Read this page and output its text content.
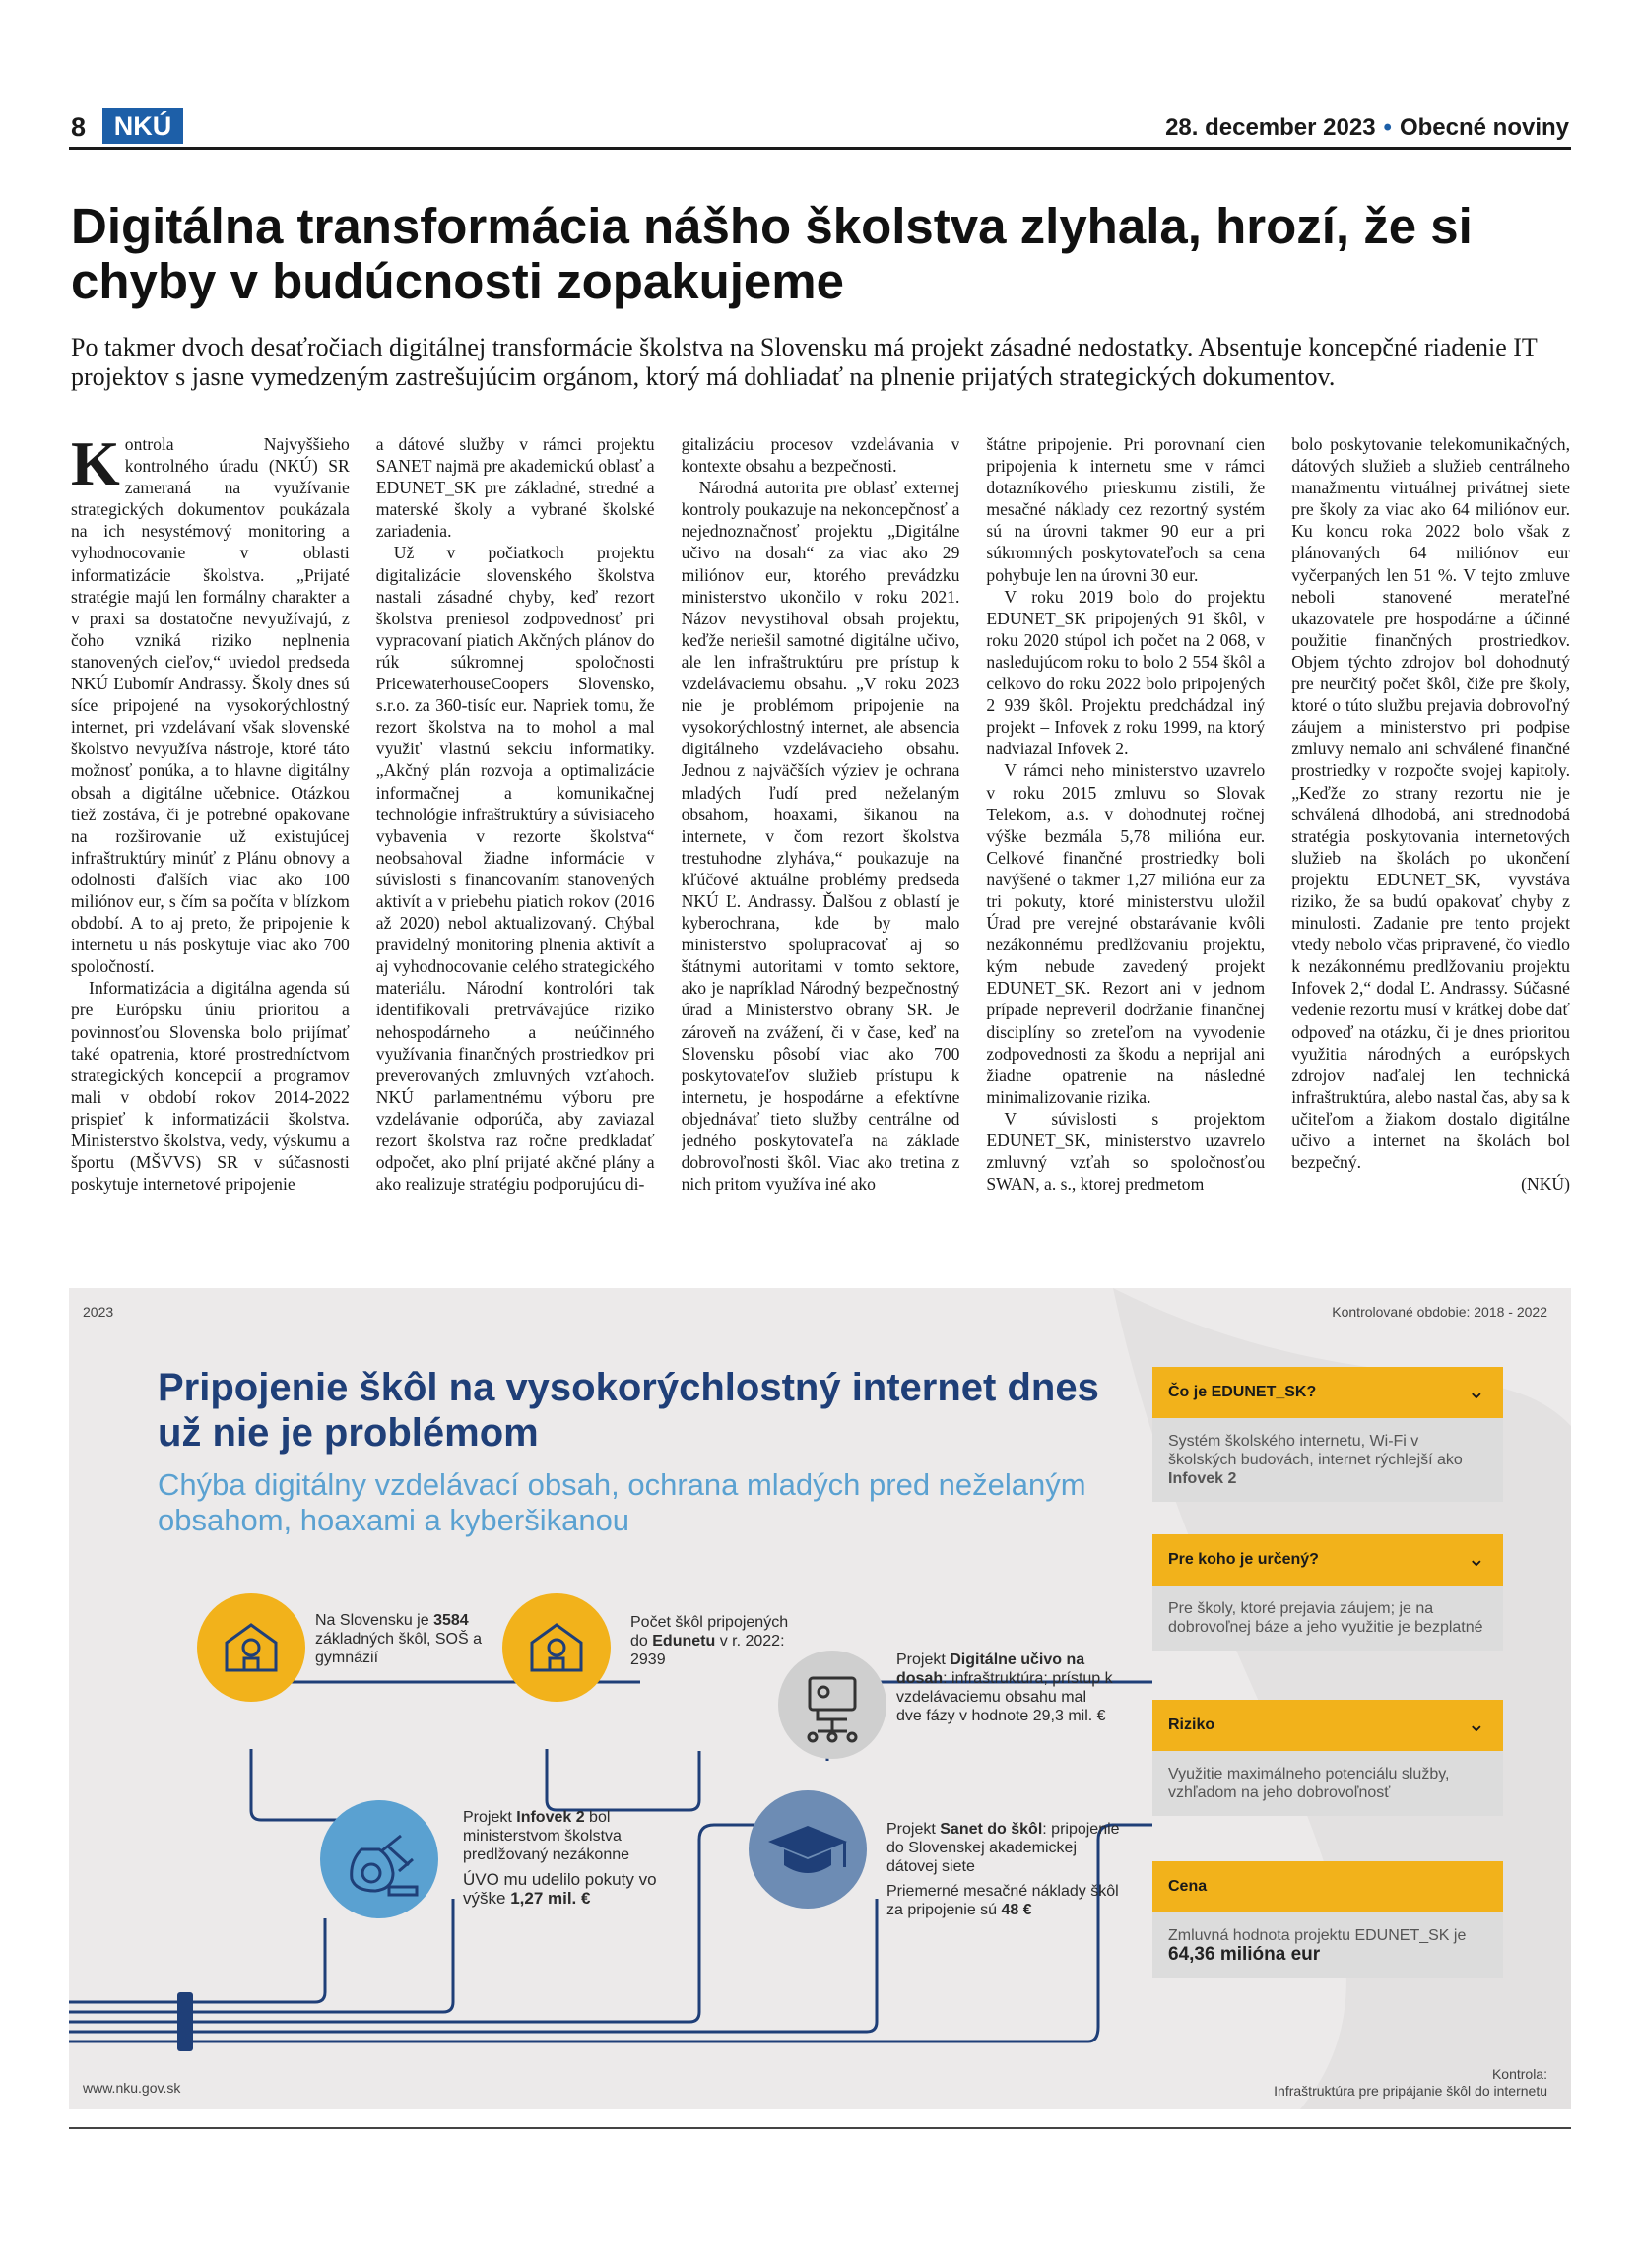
8	NKÚ	28. december 2023 • Obecné noviny
Digitálna transformácia nášho školstva zlyhala, hrozí, že si chyby v budúcnosti zopakujeme

Po takmer dvoch desaťročiach digitálnej transformácie školstva na Slovensku má projekt zásadné nedostatky. Absentuje koncepčné riadenie IT projektov s jasne vymedzeným zastrešujúcim orgánom, ktorý má dohliadať na plnenie prijatých strategických dokumentov.

Kontrola Najvyššieho kontrolného úradu (NKÚ) SR zameraná na využívanie strategických dokumentov poukázala na ich nesystémový monitoring a vyhodnocovanie v oblasti informatizácie školstva. „Prijaté stratégie majú len formálny charakter a v praxi sa dostatočne nevyužívajú, z čoho vzniká riziko neplnenia stanovených cieľov,“ uviedol predseda NKÚ Ľubomír Andrassy. Školy dnes sú síce pripojené na vysokorýchlostný internet, pri vzdelávaní však slovenské školstvo nevyužíva nástroje, ktoré táto možnosť ponúka, a to hlavne digitálny obsah a digitálne učebnice. Otázkou tiež zostáva, či je potrebné opakovane na rozširovanie už existujúcej infraštruktúry minúť z Plánu obnovy a odolnosti ďalších viac ako 100 miliónov eur, s čím sa počíta v blízkom období. A to aj preto, že pripojenie k internetu u nás poskytuje viac ako 700 spoločností.

Informatizácia a digitálna agenda sú pre Európsku úniu prioritou a povinnosťou Slovenska bolo prijímať také opatrenia, ktoré prostredníctvom strategických koncepcií a programov mali v období rokov 2014-2022 prispieť k informatizácii školstva. Ministerstvo školstva, vedy, výskumu a športu (MŠVVS) SR v súčasnosti poskytuje internetové pripojenie

a dátové služby v rámci projektu SANET najmä pre akademickú oblasť a EDUNET_SK pre základné, stredné a materské školy a vybrané školské zariadenia.

Už v počiatkoch projektu digitalizácie slovenského školstva nastali zásadné chyby, keď rezort školstva preniesol zodpovednosť pri vypracovaní piatich Akčných plánov do rúk súkromnej spoločnosti PricewaterhouseCoopers Slovensko, s.r.o. za 360-tisíc eur. Napriek tomu, že rezort školstva na to mohol a mal využiť vlastnú sekciu informatiky. „Akčný plán rozvoja a optimalizácie informačnej a komunikačnej technológie infraštruktúry a súvisiaceho vybavenia v rezorte školstva“ neobsahoval žiadne informácie v súvislosti s financovaním stanovených aktivít a v priebehu piatich rokov (2016 až 2020) nebol aktualizovaný. Chýbal pravidelný monitoring plnenia aktivít a aj vyhodnocovanie celého strategického materiálu. Národní kontrolóri tak identifikovali pretrvávajúce riziko nehospodárneho a neúčinného využívania finančných prostriedkov pri preverovaných zmluvných vzťahoch. NKÚ parlamentnému výboru pre vzdelávanie odporúča, aby zaviazal rezort školstva raz ročne predkladať odpočet, ako plní prijaté akčné plány a ako realizuje stratégiu podporujúcu di-

gitalizáciu procesov vzdelávania v kontexte obsahu a bezpečnosti.

Národná autorita pre oblasť externej kontroly poukazuje na nekoncepčnosť a nejednoznačnosť projektu „Digitálne učivo na dosah“ za viac ako 29 miliónov eur, ktorého prevádzku ministerstvo ukončilo v roku 2021. Názov nevystihoval obsah projektu, keďže neriešil samotné digitálne učivo, ale len infraštruktúru pre prístup k vzdelávaciemu obsahu. „V roku 2023 nie je problémom pripojenie na vysokorýchlostný internet, ale absencia digitálneho vzdelávacieho obsahu. Jednou z najväčších výziev je ochrana mladých ľudí pred neželaným obsahom, hoaxami, šikanou na internete, v čom rezort školstva trestuhodne zlyháva,“ poukazuje na kľúčové aktuálne problémy predseda NKÚ Ľ. Andrassy. Ďalšou z oblastí je kyberochrana, kde by malo ministerstvo spolupracovať aj so štátnymi autoritami v tomto sektore, ako je napríklad Národný bezpečnostný úrad a Ministerstvo obrany SR. Je zároveň na zvážení, či v čase, keď na Slovensku pôsobí viac ako 700 poskytovateľov služieb prístupu k internetu, je hospodárne a efektívne objednávať tieto služby centrálne od jedného poskytovateľa na základe dobrovoľnosti škôl. Viac ako tretina z nich pritom využíva iné ako

štátne pripojenie. Pri porovnaní cien pripojenia k internetu sme v rámci dotazníkového prieskumu zistili, že mesačné náklady cez rezortný systém sú na úrovni takmer 90 eur a pri súkromných poskytovateľoch sa cena pohybuje len na úrovni 30 eur.

V roku 2019 bolo do projektu EDUNET_SK pripojených 91 škôl, v roku 2020 stúpol ich počet na 2 068, v nasledujúcom roku to bolo 2 554 škôl a celkovo do roku 2022 bolo pripojených 2 939 škôl. Projektu predchádzal iný projekt – Infovek z roku 1999, na ktorý nadviazal Infovek 2.

V rámci neho ministerstvo uzavrelo v roku 2015 zmluvu so Slovak Telekom, a.s. v dohodnutej ročnej výške bezmála 5,78 milióna eur. Celkové finančné prostriedky boli navýšené o takmer 1,27 milióna eur za tri pokuty, ktoré ministerstvu uložil Úrad pre verejné obstarávanie kvôli nezákonnému predlžovaniu projektu, kým nebude zavedený projekt EDUNET_SK. Rezort ani v jednom prípade nepreveril dodržanie finančnej disciplíny so zreteľom na vyvodenie zodpovednosti za škodu a neprijal ani žiadne opatrenie na následné minimalizovanie rizika.

V súvislosti s projektom EDUNET_SK, ministerstvo uzavrelo zmluvný vzťah so spoločnosťou SWAN, a. s., ktorej predmetom

bolo poskytovanie telekomunikačných, dátových služieb a služieb centrálneho manažmentu virtuálnej privátnej siete pre školy za viac ako 64 miliónov eur. Ku koncu roka 2022 bolo však z plánovaných 64 miliónov eur vyčerpaných len 51 %. V tejto zmluve neboli stanovené merateľné ukazovatele pre hospodárne a účinné použitie finančných prostriedkov. Objem týchto zdrojov bol dohodnutý pre neurčitý počet škôl, čiže pre školy, ktoré o túto službu prejavia dobrovoľný záujem a ministerstvo pri podpise zmluvy nemalo ani schválené finančné prostriedky v rozpočte svojej kapitoly. „Keďže zo strany rezortu nie je schválená dlhodobá, ani strednodobá stratégia poskytovania internetových služieb na školách po ukončení projektu EDUNET_SK, vyvstáva riziko, že sa budú opakovať chyby z minulosti. Zadanie pre tento projekt vtedy nebolo včas pripravené, čo viedlo k nezákonnému predlžovaniu projektu Infovek 2,“ dodal Ľ. Andrassy. Súčasné vedenie rezortu musí v krátkej dobe dať odpoveď na otázku, či je dnes prioritou využitia národných a európskych zdrojov naďalej len technická infraštruktúra, alebo nastal čas, aby sa k učiteľom a žiakom dostalo digitálne učivo a internet na školách bol bezpečný.

(NKÚ)

2023	Kontrolované obdobie: 2018 - 2022
Pripojenie škôl na vysokorýchlostný internet dnes už nie je problémom
Chýba digitálny vzdelávací obsah, ochrana mladých pred neželaným obsahom, hoaxami a kyberšikanou
Na Slovensku je 3584 základných škôl, SOŠ a gymnázií
Počet škôl pripojených do Edunetu v r. 2022: 2939	Projekt Digitálne učivo na dosah: infraštruktúra; prístup k vzdelávaciemu obsahu mal dve fázy v hodnote 29,3 mil. €
Projekt Infovek 2 bol ministerstvom školstva predlžovaný nezákonne

ÚVO mu udelilo pokuty vo výške 1,27 mil. €
Projekt Sanet do škôl: pripojenie do Slovenskej akademickej dátovej siete

Priemerné mesačné náklady škôl za pripojenie sú 48 €
Čo je EDUNET_SK?	⌄
Systém školského internetu, Wi-Fi v školských budovách, internet rýchlejší ako Infovek 2
Pre koho je určený?	⌄
Pre školy, ktoré prejavia záujem; je na dobrovoľnej báze a jeho využitie je bezplatné
Riziko	⌄
Využitie maximálneho potenciálu služby, vzhľadom na jeho dobrovoľnosť
Cena
Zmluvná hodnota projektu EDUNET_SK je
64,36 milióna eur
www.nku.gov.sk
Kontrola:
Infraštruktúra pre pripájanie škôl do internetu
